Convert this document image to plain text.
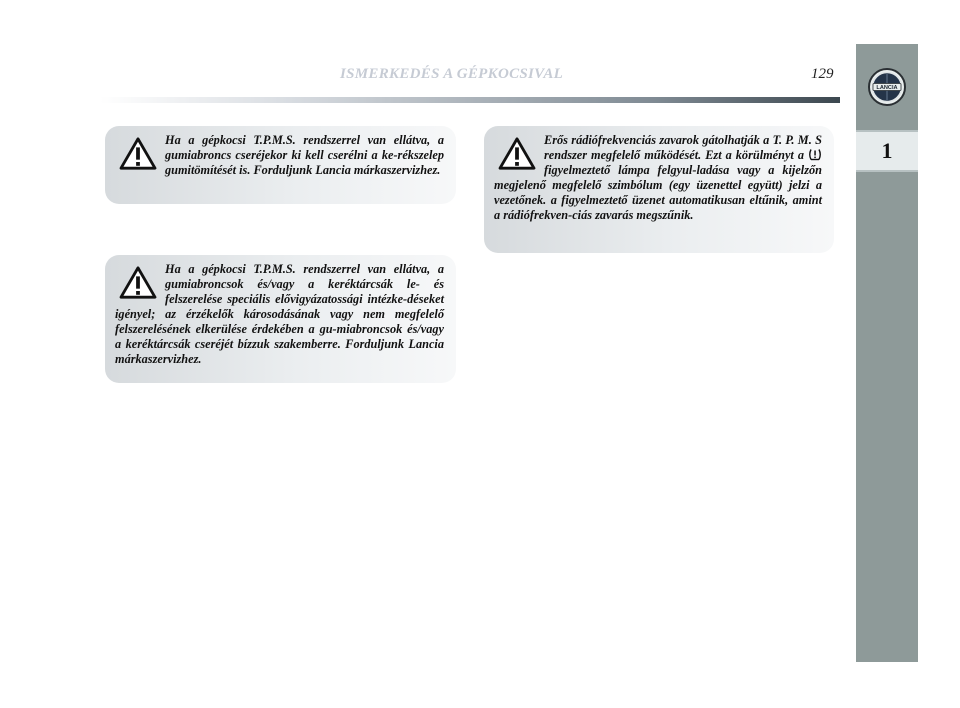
ISMERKEDÉS A GÉPKOCSIVAL	129
LANCIA
1
Ha a gépkocsi T.P.M.S. rendszerrel van ellátva, a gumiabroncs cseréjekor ki kell cserélni a ke-rékszelep gumitömítését is. Forduljunk Lancia márkaszervizhez.
Ha a gépkocsi T.P.M.S. rendszerrel van ellátva, a gumiabroncsok és/vagy a keréktárcsák le- és felszerelése speciális elővigyázatossági intézke-déseket igényel; az érzékelők károsodásának vagy nem megfelelő felszerelésének elkerülése érdekében a gu-miabroncsok és/vagy a keréktárcsák cseréjét bízzuk szakemberre. Forduljunk Lancia márkaszervizhez.
Erős rádiófrekvenciás zavarok gátolhatják a T. P. M. S rendszer megfelelő működését. Ezt a körülményt a  figyelmeztető lámpa felgyul-ladása vagy a kijelzőn megjelenő megfelelő szimbólum (egy üzenettel együtt) jelzi a vezetőnek. a figyelmeztető üzenet automatikusan eltűnik, amint a rádiófrekven-ciás zavarás megszűnik.
